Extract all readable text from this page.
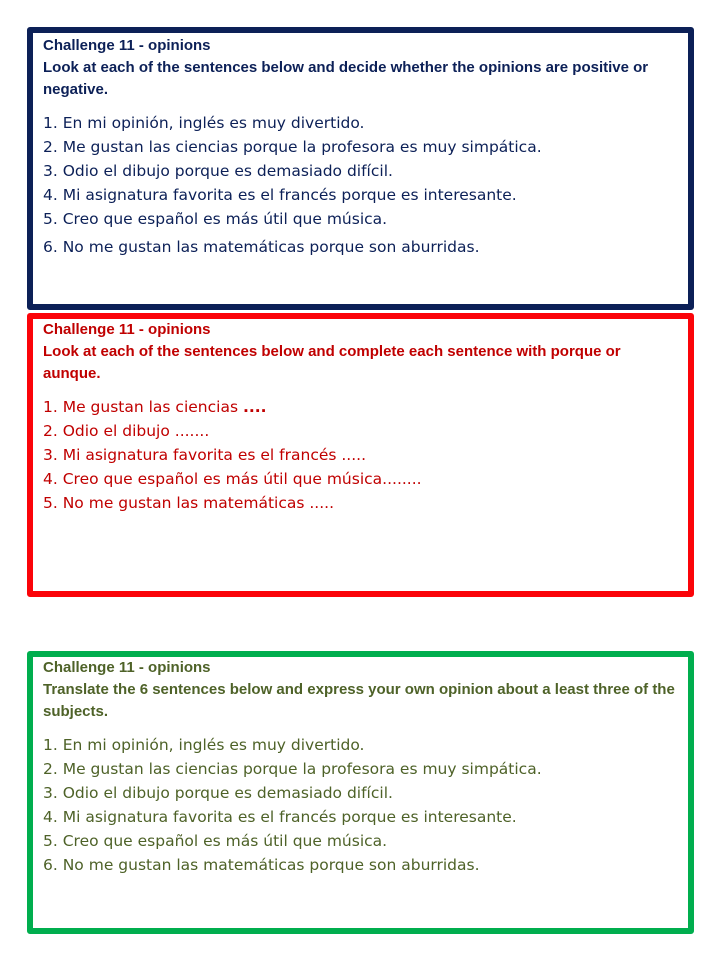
Challenge 11 - opinions

Look at each of the sentences below and decide whether the opinions are positive or negative.

1. En mi opinión, inglés es muy divertido.
2. Me gustan las ciencias porque la profesora es muy simpática.
3. Odio el dibujo porque es demasiado difícil.
4. Mi asignatura favorita es el francés porque es interesante.
5. Creo que español es más útil que música.
6. No me gustan las matemáticas porque son aburridas.

Challenge 11 - opinions

Look at each of the sentences below and complete each sentence with porque or aunque.

1. Me gustan las ciencias ....
2. Odio el dibujo .......
3. Mi asignatura favorita es el francés .....
4. Creo que español es más útil que música........
5. No me gustan las matemáticas .....

Challenge 11 - opinions

Translate the 6 sentences below and express your own opinion about a least three of the subjects.

1. En mi opinión, inglés es muy divertido.
2. Me gustan las ciencias porque la profesora es muy simpática.
3. Odio el dibujo porque es demasiado difícil.
4. Mi asignatura favorita es el francés porque es interesante.
5. Creo que español es más útil que música.
6. No me gustan las matemáticas porque son aburridas.
